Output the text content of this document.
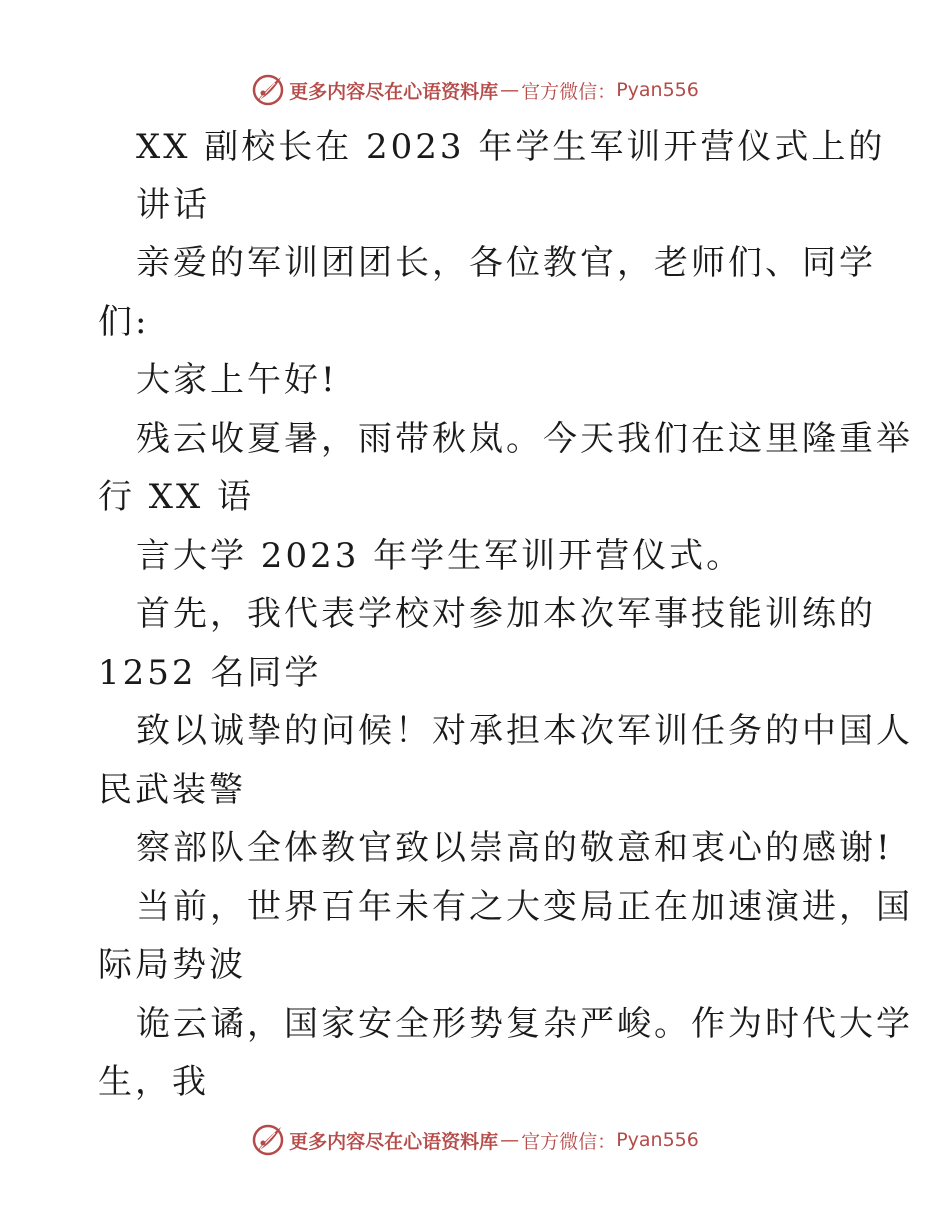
更多内容尽在心语资料库 — 官方微信： Pyan556
XX 副校长在 2023 年学生军训开营仪式上的
讲话
亲爱的军训团团长，各位教官，老师们、同学
们:
大家上午好!
残云收夏暑，雨带秋岚。今天我们在这里隆重举
行 XX 语
言大学 2023 年学生军训开营仪式。
首先，我代表学校对参加本次军事技能训练的
1252 名同学
致以诚挚的问候！对承担本次军训任务的中国人
民武装警
察部队全体教官致以崇高的敬意和衷心的感谢!
当前，世界百年未有之大变局正在加速演进，国
际局势波
诡云谲，国家安全形势复杂严峻。作为时代大学
生，我
更多内容尽在心语资料库 — 官方微信： Pyan556
